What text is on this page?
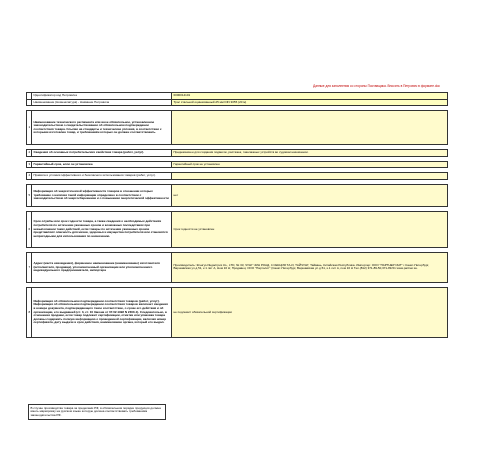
Данные для заполнения со стороны Поставщика. Вносить в Петрович в формате.doc
	Идентификатор код Петровича	0000014101
	Наименование (Номенклатура) - Название Петровича	Трос стальной оцинкованный d5 мм DIN 3055 (20 м)

1	Наименование технического регламента или иное обязательное, установленное законодательством о свидетельствовании об обязательном подтверждении соответствия товара. Ссылки на стандарты и технические условия, в соответствии с которыми изготовлен товар, и требованиям которых он должен соответствовать.	

2	Сведения об основных потребительских свойствах товара (работ, услуг).	Предназначен для создания подвесок, растяжек, такелажных устройств во судовом назначении.

3	Гарантийный срок, если он установлен.	Гарантийный срок не установлен

4	Правила и условия эффективного и безопасного использования товаров (работ, услуг).	

5	Информация об энергетической эффективности товаров в отношении которых требование о наличии такой информации определено в соответствии с законодательством об энергосбережении и о повышении энергетической эффективности	нет

6	Срок службы или срок годности товара, а также сведения о необходимых действиях потребителя по истечении указанных сроков и возможных последствиях при невыполнении таких действий, если товары по истечении указанных сроков представляют опасность для жизни, здоровья и имущества потребителя или становятся непригодными для использования по назначению.	Срок годности не установлен

7	Адрес (места нахождения), фирменное наименование (наименование) изготовителя (исполнителя, продавца), уполномоченный организации или уполномоченного индивидуального предпринимателя, импортера	Производитель: Жэнгуэ Индастриз Ко., LTD, № 33, ЧУНГ ЧИН РОАД, 4 СЕКЦИЯ ТА-И, ТАЙЧУНГ, Тайвань, Китайская Республика. Импортер: ООО "ПАРТНЕР ИНТ" г.Санкт-Петербург, Варшавская ул.д.51, к.1 лит А, Ном 16 Н; Продавец: ООО "Партолит" (Санкт-Петербург, Варшавская ул.д.51, к.1 лит А, пом 16 Н Тел.(812) 371-89-50,371-89-51 www.partner.su.

8	Информация об обязательном подтверждении соответствия товаров (работ, услуг). Информация об обязательном подтверждении соответствия товаров включает сведения в номере документа, подтверждающего такое соответствие, о сроке его действия и об организации, его выдавшей (ст. 3, ст. 10 Закона от 07.02.1992 N 2300-1). Следовательно, в отношении продажи, если товар подлежит сертификации, отметки или упаковка товара должны содержать полную информацию о проведенной сертификации, включая номер сертификата, дату выдачи и срок действия, наименование органа, который его выдал.	не подлежит обязательной сертификации
В случае производства товара за пределами РФ, в обязательном порядке продукция должна иметь маркировку на русском языке которую должна соответствовать требованиям законодательства РФ.
